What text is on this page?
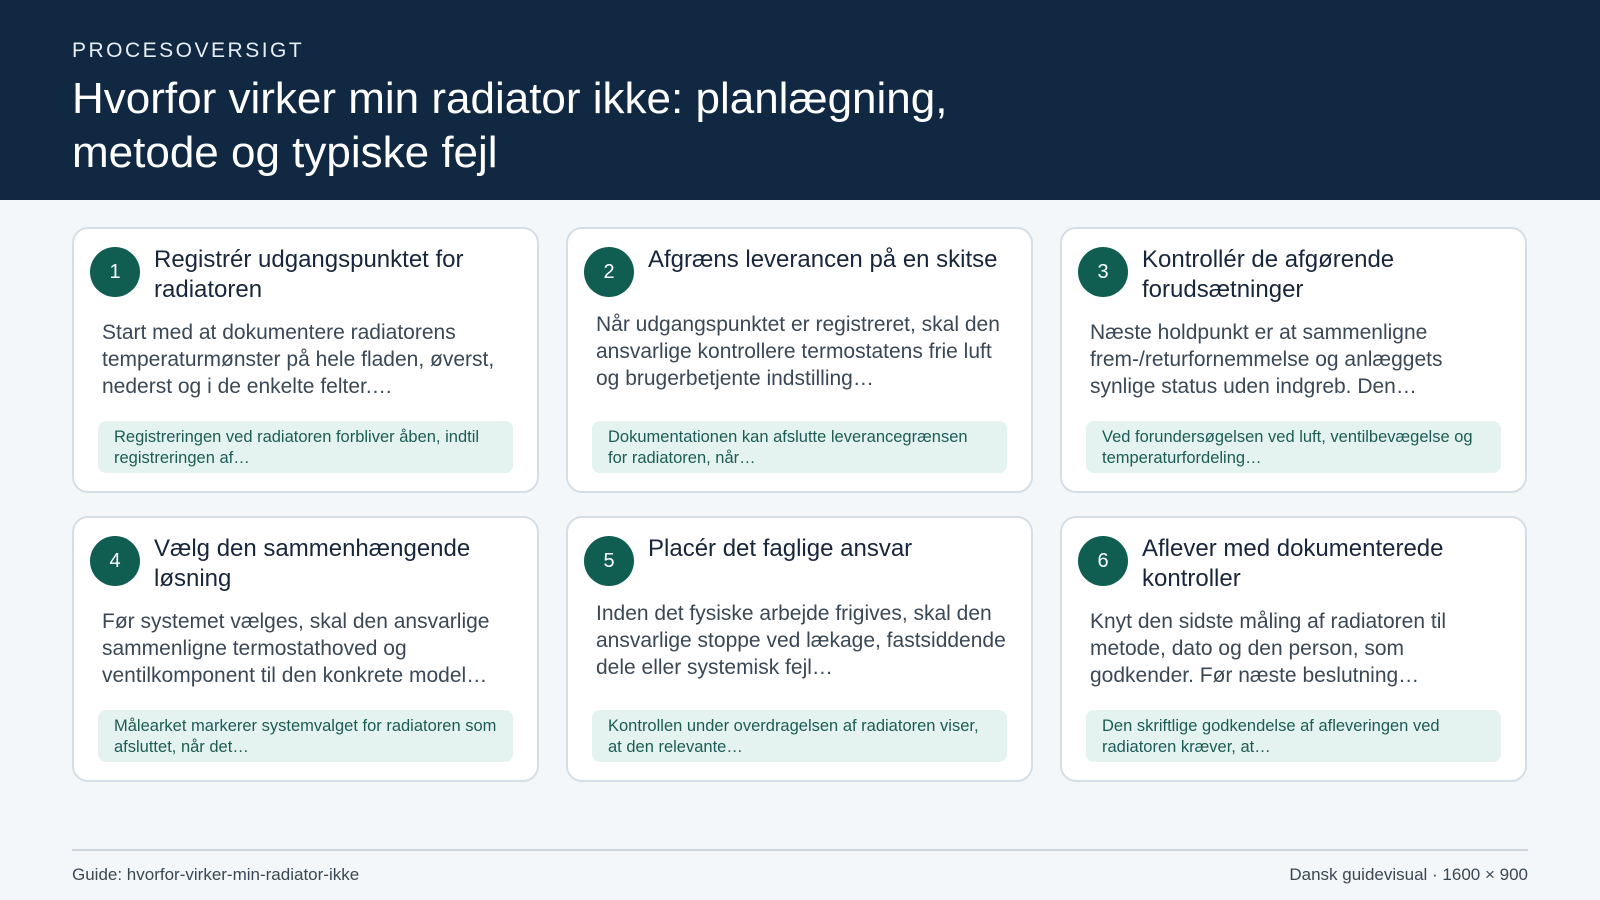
PROCESOVERSIGT
Hvorfor virker min radiator ikke: planlægning, metode og typiske fejl
1	Registrér udgangspunktet for radiatoren
Start med at dokumentere radiatorens temperaturmønster på hele fladen, øverst, nederst og i de enkelte felter.…
Registreringen ved radiatoren forbliver åben, indtil registreringen af…
2	Afgræns leverancen på en skitse
Når udgangspunktet er registreret, skal den ansvarlige kontrollere termostatens frie luft og brugerbetjente indstilling…
Dokumentationen kan afslutte leverancegrænsen for radiatoren, når…
3	Kontrollér de afgørende forudsætninger
Næste holdpunkt er at sammenligne frem-/returfornemmelse og anlæggets synlige status uden indgreb. Den…
Ved forundersøgelsen ved luft, ventilbevægelse og temperaturfordeling…
4	Vælg den sammenhængende løsning
Før systemet vælges, skal den ansvarlige sammenligne termostathoved og ventilkomponent til den konkrete model…
Målearket markerer systemvalget for radiatoren som afsluttet, når det…
5	Placér det faglige ansvar
Inden det fysiske arbejde frigives, skal den ansvarlige stoppe ved lækage, fastsiddende dele eller systemisk fejl…
Kontrollen under overdragelsen af radiatoren viser, at den relevante…
6	Aflever med dokumenterede kontroller
Knyt den sidste måling af radiatoren til metode, dato og den person, som godkender. Før næste beslutning…
Den skriftlige godkendelse af afleveringen ved radiatoren kræver, at…
Guide: hvorfor-virker-min-radiator-ikke	Dansk guidevisual · 1600 × 900
